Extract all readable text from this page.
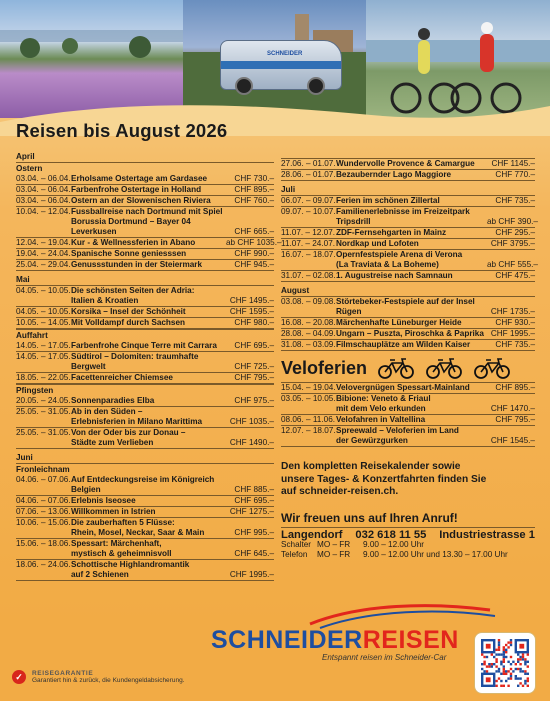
SCHNEIDER
Reisen bis August 2026
April
Ostern
03.04. – 06.04. Erholsame Ostertage am Gardasee	CHF 730.–
03.04. – 06.04. Farbenfrohe Ostertage in Holland	CHF 895.–
03.04. – 06.04. Ostern an der Slowenischen Riviera	CHF 760.–
10.04. – 12.04. Fussballreise nach Dortmund mit Spiel
Borussia Dortmund – Bayer 04 Leverkusen	CHF 665.–
12.04. – 19.04. Kur - & Wellnessferien in Abano	ab CHF 1035.–
19.04. – 24.04. Spanische Sonne geniesssen	CHF 990.–
25.04. – 29.04. Genussstunden in der Steiermark	CHF 945.–
Mai
04.05. – 10.05. Die schönsten Seiten der Adria:
Italien & Kroatien	CHF 1495.–
04.05. – 10.05. Korsika – Insel der Schönheit	CHF 1595.–
10.05. – 14.05. Mit Volldampf durch Sachsen	CHF 980.–
Auffahrt
14.05. – 17.05. Farbenfrohe Cinque Terre mit Carrara	CHF 695.–
14.05. – 17.05. Südtirol – Dolomiten: traumhafte Bergwelt	CHF 725.–
18.05. – 22.05. Facettenreicher Chiemsee	CHF 795.–
Pfingsten
20.05. – 24.05. Sonnenparadies Elba	CHF 975.–
25.05. – 31.05. Ab in den Süden –
Erlebnisferien in Milano Marittima	CHF 1035.–
25.05. – 31.05. Von der Oder bis zur Donau –
Städte zum Verlieben	CHF 1490.–
Juni
Fronleichnam
04.06. – 07.06. Auf Entdeckungsreise im Königreich Belgien	CHF 885.–
04.06. – 07.06. Erlebnis Iseosee	CHF 695.–
07.06. – 13.06. Willkommen in Istrien	CHF 1275.–
10.06. – 15.06. Die zauberhaften 5 Flüsse:
Rhein, Mosel, Neckar, Saar & Main	CHF 995.–
15.06. – 18.06. Spessart: Märchenhaft,
mystisch & geheimnisvoll	CHF 645.–
18.06. – 24.06. Schottische Highlandromantik
auf 2 Schienen	CHF 1995.–
27.06. – 01.07. Wundervolle Provence & Camargue	CHF 1145.–
28.06. – 01.07. Bezaubernder Lago Maggiore	CHF 770.–
Juli
06.07. – 09.07. Ferien im schönen Zillertal	CHF 735.–
09.07. – 10.07. Familienerlebnisse im Freizeitpark
Tripsdrill	ab CHF 390.–
11.07. – 12.07. ZDF-Fernsehgarten in Mainz	CHF 295.–
11.07. – 24.07. Nordkap und Lofoten	CHF 3795.–
16.07. – 18.07. Opernfestspiele Arena di Verona
(La Traviata & La Boheme)	ab CHF 555.–
31.07. – 02.08. 1. Augustreise nach Samnaun	CHF 475.–
August
03.08. – 09.08. Störtebeker-Festspiele auf der Insel Rügen	CHF 1735.–
16.08. – 20.08. Märchenhafte Lüneburger Heide	CHF 930.–
28.08. – 04.09. Ungarn – Puszta, Piroschka & Paprika CHF 1995.–
31.08. – 03.09. Filmschauplätze am Wilden Kaiser	CHF 735.–
Veloferien
15.04. – 19.04. Velovergnügen Spessart-Mainland	CHF 895.–
03.05. – 10.05. Bibione: Veneto & Friaul
mit dem Velo erkunden	CHF 1470.–
08.06. – 11.06. Velofahren in Valtellina	CHF 795.–
12.07. – 18.07. Spreewald – Veloferien im Land
der Gewürzgurken	CHF 1545.–
Den kompletten Reisekalender sowie
unsere Tages- & Konzertfahrten finden Sie
auf schneider-reisen.ch.
Wir freuen uns auf Ihren Anruf!
Langendorf 032 618 11 55 Industriestrasse 1
Schalter MO – FR	9.00 – 12.00 Uhr
Telefon	MO – FR	9.00 – 12.00 Uhr und 13.30 – 17.00 Uhr
SCHNEIDERREISEN
Entspannt reisen im Schneider-Car
✓	REISEGARANTIE
Garantiert hin & zurück, die Kundengeldabsicherung.
